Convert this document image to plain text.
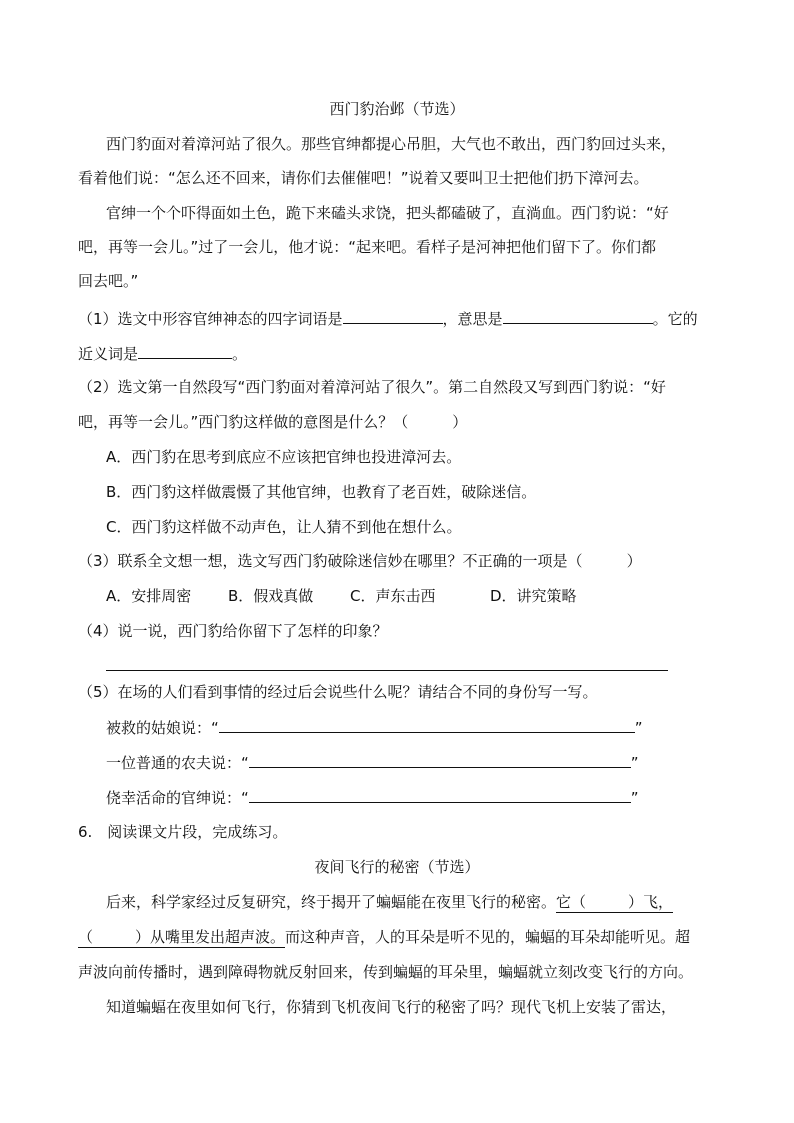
西门豹治邺（节选）
西门豹面对着漳河站了很久。那些官绅都提心吊胆，大气也不敢出，西门豹回过头来，
看着他们说：“怎么还不回来，请你们去催催吧！”说着又要叫卫士把他们扔下漳河去。
官绅一个个吓得面如土色，跪下来磕头求饶，把头都磕破了，直淌血。西门豹说：“好
吧，再等一会儿。”过了一会儿，他才说：“起来吧。看样子是河神把他们留下了。你们都
回去吧。”
（1）选文中形容官绅神态的四字词语是	，意思是	。它的
近义词是	。
（2）选文第一自然段写“西门豹面对着漳河站了很久”。第二自然段又写到西门豹说：“好
吧，再等一会儿。”西门豹这样做的意图是什么？（	）
A．西门豹在思考到底应不应该把官绅也投进漳河去。
B．西门豹这样做震慑了其他官绅，也教育了老百姓，破除迷信。
C．西门豹这样做不动声色，让人猜不到他在想什么。
（3）联系全文想一想，选文写西门豹破除迷信妙在哪里？不正确的一项是（	）
A．安排周密 B．假戏真做 C．声东击西	D．讲究策略
（4）说一说，西门豹给你留下了怎样的印象？
（5）在场的人们看到事情的经过后会说些什么呢？请结合不同的身份写一写。
被救的姑娘说：“	”
一位普通的农夫说：“	”
侥幸活命的官绅说：“	”
6.　阅读课文片段，完成练习。
夜间飞行的秘密（节选）
后来，科学家经过反复研究，终于揭开了蝙蝠能在夜里飞行的秘密。它（	）飞，
（	）从嘴里发出超声波。而这种声音，人的耳朵是听不见的，蝙蝠的耳朵却能听见。超
声波向前传播时，遇到障碍物就反射回来，传到蝙蝠的耳朵里，蝙蝠就立刻改变飞行的方向。
知道蝙蝠在夜里如何飞行，你猜到飞机夜间飞行的秘密了吗？现代飞机上安装了雷达，
